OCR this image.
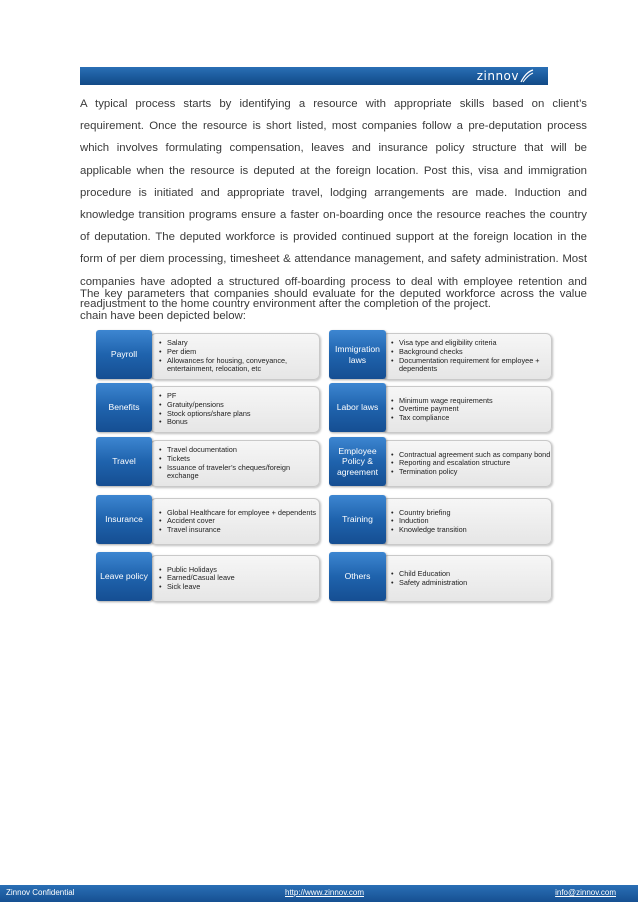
zinnov

A typical process starts by identifying a resource with appropriate skills based on client’s requirement. Once the resource is short listed, most companies follow a pre-deputation process which involves formulating compensation, leaves and insurance policy structure that will be applicable when the resource is deputed at the foreign location. Post this, visa and immigration procedure is initiated and appropriate travel, lodging arrangements are made. Induction and knowledge transition programs ensure a faster on-boarding once the resource reaches the country of deputation. The deputed workforce is provided continued support at the foreign location in the form of per diem processing, timesheet & attendance management, and safety administration. Most companies have adopted a structured off-boarding process to deal with employee retention and readjustment to the home country environment after the completion of the project.

The key parameters that companies should evaluate for the deputed workforce across the value chain have been depicted below:

• Salary
• Per diem
• Allowances for housing, conveyance, entertainment, relocation, etc
Payroll
• PF
• Gratuity/pensions
• Stock options/share plans
• Bonus
Benefits
• Travel documentation
• Tickets
• Issuance of traveler’s cheques/foreign exchange
Travel
• Global Healthcare for employee + dependents
• Accident cover
• Travel insurance
Insurance
• Public Holidays
• Earned/Casual leave
• Sick leave
Leave policy
• Visa type and eligibility criteria
• Background checks
• Documentation requirement for employee + dependents
Immigration laws
• Minimum wage requirements
• Overtime payment
• Tax compliance
Labor laws
• Contractual agreement such as company bond
• Reporting and escalation structure
• Termination policy
Employee Policy & agreement
• Country briefing
• Induction
• Knowledge transition
Training
• Child Education
• Safety administration
Others
Zinnov Confidential	http://www.zinnov.com	info@zinnov.com
